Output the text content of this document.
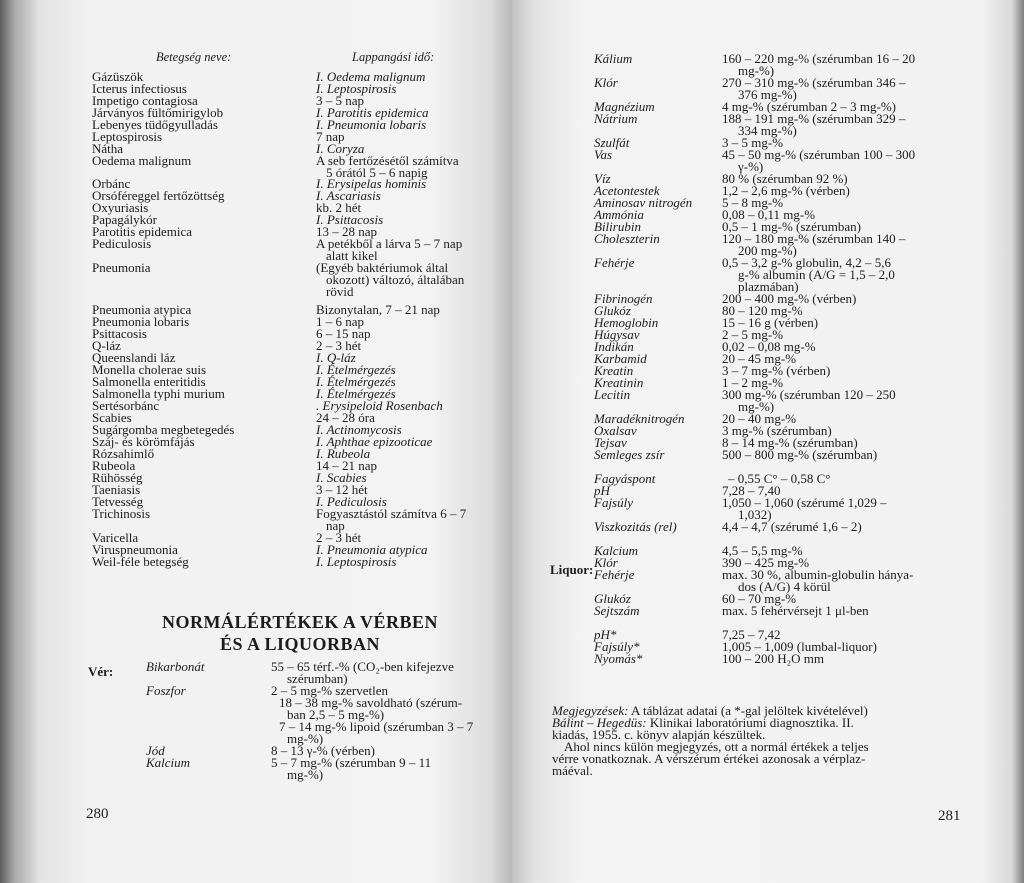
Betegség neve:	Lappangási idő:
Gázüszök
Icterus infectiosus
Impetigo contagiosa
Járványos fültőmirigylob
Lebenyes tüdőgyulladás
Leptospirosis
Nátha
Oedema malignum
Orbánc
Orsóféreggel fertőzöttség
Oxyuriasis
Papagálykór
Parotitis epidemica
Pediculosis
Pneumonia
Pneumonia atypica
Pneumonia lobaris
Psittacosis
Q-láz
Queenslandi láz
Monella cholerae suis
Salmonella enteritidis
Salmonella typhi murium
Sertésorbánc
Scabies
Sugárgomba megbetegedés
Száj- és körömfájás
Rózsahimlő
Rubeola
Rühösség
Taeniasis
Tetvesség
Trichinosis
Varicella
Viruspneumonia
Weil-féle betegség
I. Oedema malignum
I. Leptospirosis
3 – 5 nap
I. Parotitis epidemica
I. Pneumonia lobaris
7 nap
I. Coryza
A seb fertőzésétől számítva
5 órától 5 – 6 napig
I. Erysipelas hominis
I. Ascariasis
kb. 2 hét
I. Psittacosis
13 – 28 nap
A petékből a lárva 5 – 7 nap
alatt kikel
(Egyéb baktériumok által
okozott) változó, általában
rövid
Bizonytalan, 7 – 21 nap
1 – 6 nap
6 – 15 nap
2 – 3 hét
I. Q-láz
I. Ételmérgezés
I. Ételmérgezés
I. Ételmérgezés
. Erysipeloid Rosenbach
24 – 28 óra
I. Actinomycosis
I. Aphthae epizooticae
I. Rubeola
14 – 21 nap
I. Scabies
3 – 12 hét
I. Pediculosis
Fogyasztástól számítva 6 – 7
nap
2 – 3 hét
I. Pneumonia atypica
I. Leptospirosis
NORMÁLÉRTÉKEK A VÉRBEN
ÉS A LIQUORBAN
Vér:	Bikarbonát
Foszfor
Jód
Kalcium
55 – 65 térf.-% (CO₂-ben kifejezve
szérumban)
2 – 5 mg-% szervetlen
18 – 38 mg-% savoldható (szérum-
ban 2,5 – 5 mg-%)
7 – 14 mg-% lipoid (szérumban 3 – 7
mg-%)
8 – 13 γ-% (vérben)
5 – 7 mg-% (szérumban 9 – 11
mg-%)
280
Kálium
Klór
Magnézium
Nátrium
Szulfát
Vas
Víz
Acetontestek
Aminosav nitrogén
Ammónia
Bilirubin
Choleszterin
Fehérje
Fibrinogén
Glukóz
Hemoglobin
Húgysav
Indikán
Karbamid
Kreatin
Kreatinin
Lecitin
Maradéknitrogén
Oxalsav
Tejsav
Semleges zsír
Fagyáspont
pH
Fajsúly
Viszkozitás (rel)
Kalcium
Klór
Fehérje
Glukóz
Sejtszám
pH*
Fajsúly*
Nyomás*
160 – 220 mg-% (szérumban 16 – 20
mg-%)
270 – 310 mg-% (szérumban 346 –
376 mg-%)
4 mg-% (szérumban 2 – 3 mg-%)
188 – 191 mg-% (szérumban 329 –
334 mg-%)
3 – 5 mg-%
45 – 50 mg-% (szérumban 100 – 300
γ-%)
80 % (szérumban 92 %)
1,2 – 2,6 mg-% (vérben)
5 – 8 mg-%
0,08 – 0,11 mg-%
0,5 – 1 mg-% (szérumban)
120 – 180 mg-% (szérumban 140 –
200 mg-%)
0,5 – 3,2 g-% globulin, 4,2 – 5,6
g-% albumin (A/G = 1,5 – 2,0
plazmában)
200 – 400 mg-% (vérben)
80 – 120 mg-%
15 – 16 g (vérben)
2 – 5 mg-%
0,02 – 0,08 mg-%
20 – 45 mg-%
3 – 7 mg-% (vérben)
1 – 2 mg-%
300 mg-% (szérumban 120 – 250
mg-%)
20 – 40 mg-%
3 mg-% (szérumban)
8 – 14 mg-% (szérumban)
500 – 800 mg-% (szérumban)
– 0,55 C° – 0,58 C°
7,28 – 7,40
1,050 – 1,060 (szérumé 1,029 –
1,032)
4,4 – 4,7 (szérumé 1,6 – 2)
4,5 – 5,5 mg-%
390 – 425 mg-%
max. 30 %, albumin-globulin hánya-
dos (A/G) 4 körül
60 – 70 mg-%
max. 5 fehérvérsejt 1 μl-ben
7,25 – 7,42
1,005 – 1,009 (lumbal-liquor)
100 – 200 H₂O mm
Liquor:
Megjegyzések: A táblázat adatai (a *-gal jelöltek kivételével)
Bálint – Hegedüs: Klinikai laboratóriumi diagnosztika. II.
kiadás, 1955. c. könyv alapján készültek.
Ahol nincs külön megjegyzés, ott a normál értékek a teljes
vérre vonatkoznak. A vérszérum értékei azonosak a vérplaz-
máéval.
281
